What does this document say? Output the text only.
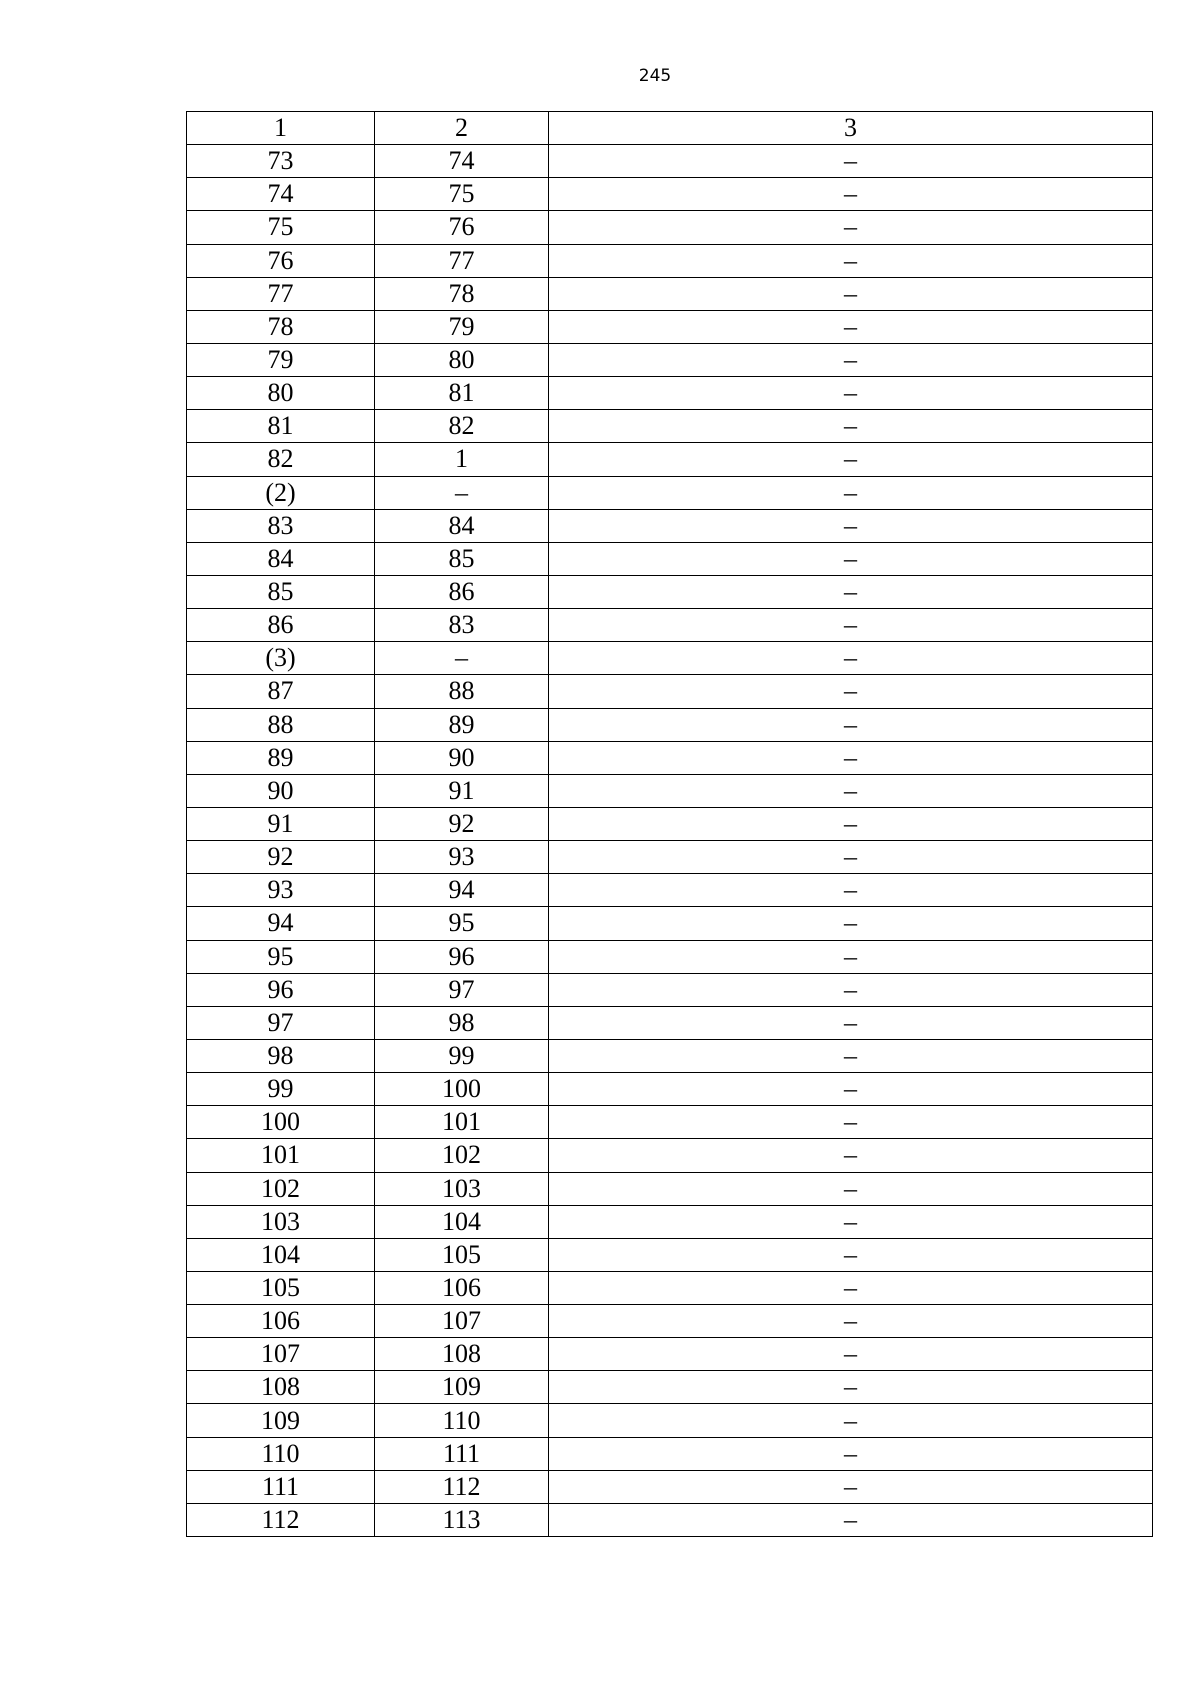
245
1	2	3
73	74	–
74	75	–
75	76	–
76	77	–
77	78	–
78	79	–
79	80	–
80	81	–
81	82	–
82	1	–
(2)	–	–
83	84	–
84	85	–
85	86	–
86	83	–
(3)	–	–
87	88	–
88	89	–
89	90	–
90	91	–
91	92	–
92	93	–
93	94	–
94	95	–
95	96	–
96	97	–
97	98	–
98	99	–
99	100	–
100	101	–
101	102	–
102	103	–
103	104	–
104	105	–
105	106	–
106	107	–
107	108	–
108	109	–
109	110	–
110	111	–
111	112	–
112	113	–
